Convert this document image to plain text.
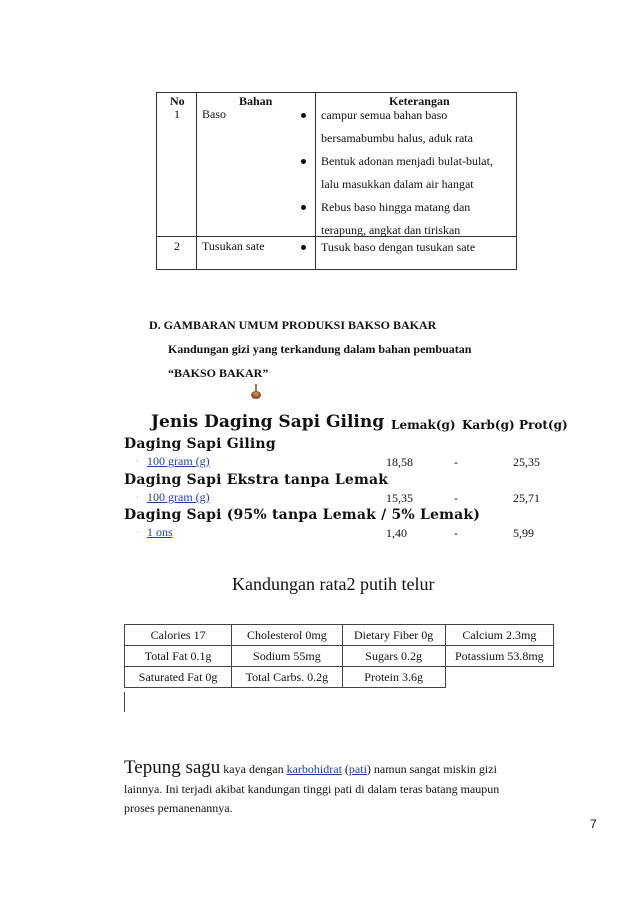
No	Bahan	Keterangan
1 Baso	campur semua bahan baso
bersamabumbu halus, aduk rata
Bentuk adonan menjadi bulat-bulat,
lalu masukkan dalam air hangat
Rebus baso hingga matang dan
terapung, angkat dan tiriskan
2 Tusukan sate	Tusuk baso dengan tusukan sate
D. GAMBARAN UMUM PRODUKSI BAKSO BAKAR
Kandungan gizi yang terkandung dalam bahan pembuatan
“BAKSO BAKAR”
Jenis Daging Sapi Giling Lemak(g) Karb(g) Prot(g)
Daging Sapi Giling
· 100 gram (g)	18,58	-	25,35
Daging Sapi Ekstra tanpa Lemak
· 100 gram (g)	15,35	-	25,71
Daging Sapi (95% tanpa Lemak / 5% Lemak)
· 1 ons	1,40	-	5,99
Kandungan rata2 putih telur
Calories 17	Cholesterol 0mg	Dietary Fiber 0g	Calcium 2.3mg
Total Fat 0.1g	Sodium 55mg	Sugars 0.2g	Potassium 53.8mg
Saturated Fat 0g	Total Carbs. 0.2g	Protein 3.6g	
Tepung sagu kaya dengan karbohidrat (pati) namun sangat miskin gizi
lainnya. Ini terjadi akibat kandungan tinggi pati di dalam teras batang maupun
proses pemanenannya.
7
